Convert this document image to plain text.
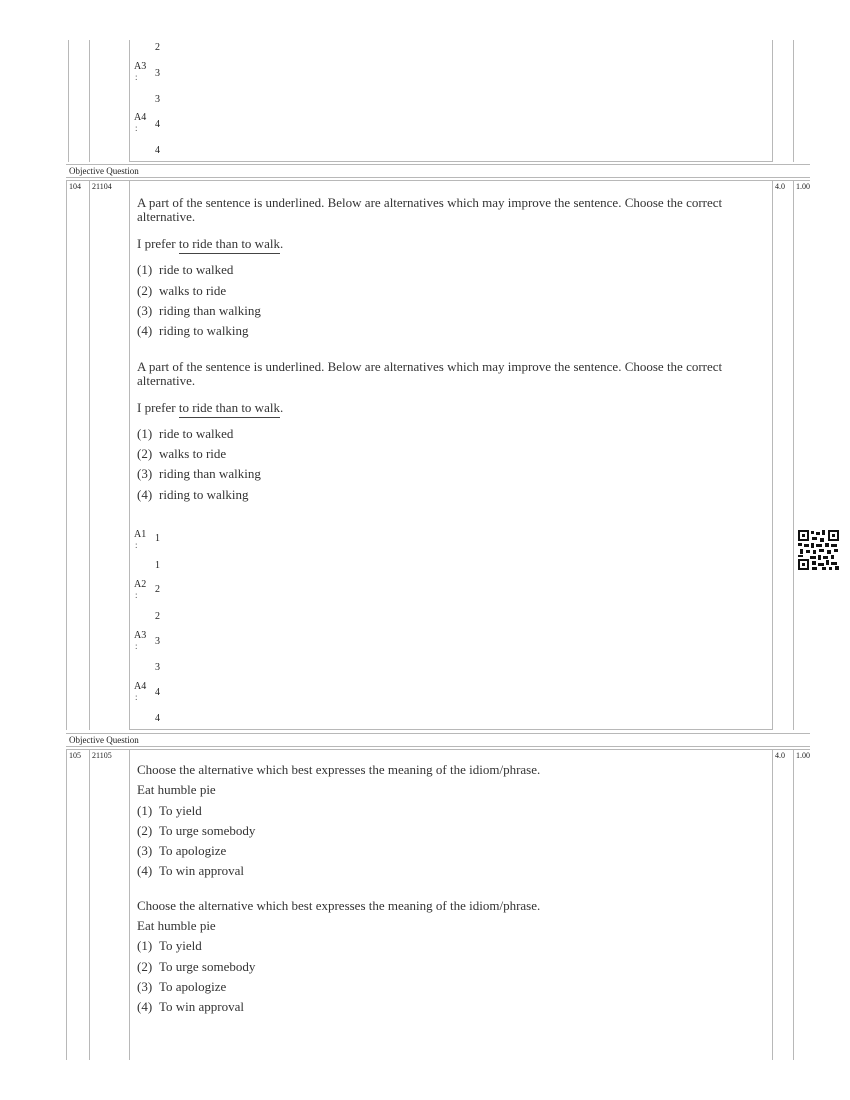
Objective Question
Objective Question
2
A3
: 3
3
A4
: 4
4
104 21104	4.0 1.00
A part of the sentence is underlined. Below are alternatives which may improve the sentence. Choose the correct alternative.
I prefer to ride than to walk.
(1) ride to walked
(2) walks to ride
(3) riding than walking
(4) riding to walking
A part of the sentence is underlined. Below are alternatives which may improve the sentence. Choose the correct alternative.
I prefer to ride than to walk.
(1) ride to walked
(2) walks to ride
(3) riding than walking
(4) riding to walking
A1
:
1
1
A2
: 2
2
A3
: 3
3
A4
: 4
4
105 21105	4.0 1.00
Choose the alternative which best expresses the meaning of the idiom/phrase.
Eat humble pie
(1) To yield
(2) To urge somebody
(3) To apologize
(4) To win approval
Choose the alternative which best expresses the meaning of the idiom/phrase.
Eat humble pie
(1) To yield
(2) To urge somebody
(3) To apologize
(4) To win approval
